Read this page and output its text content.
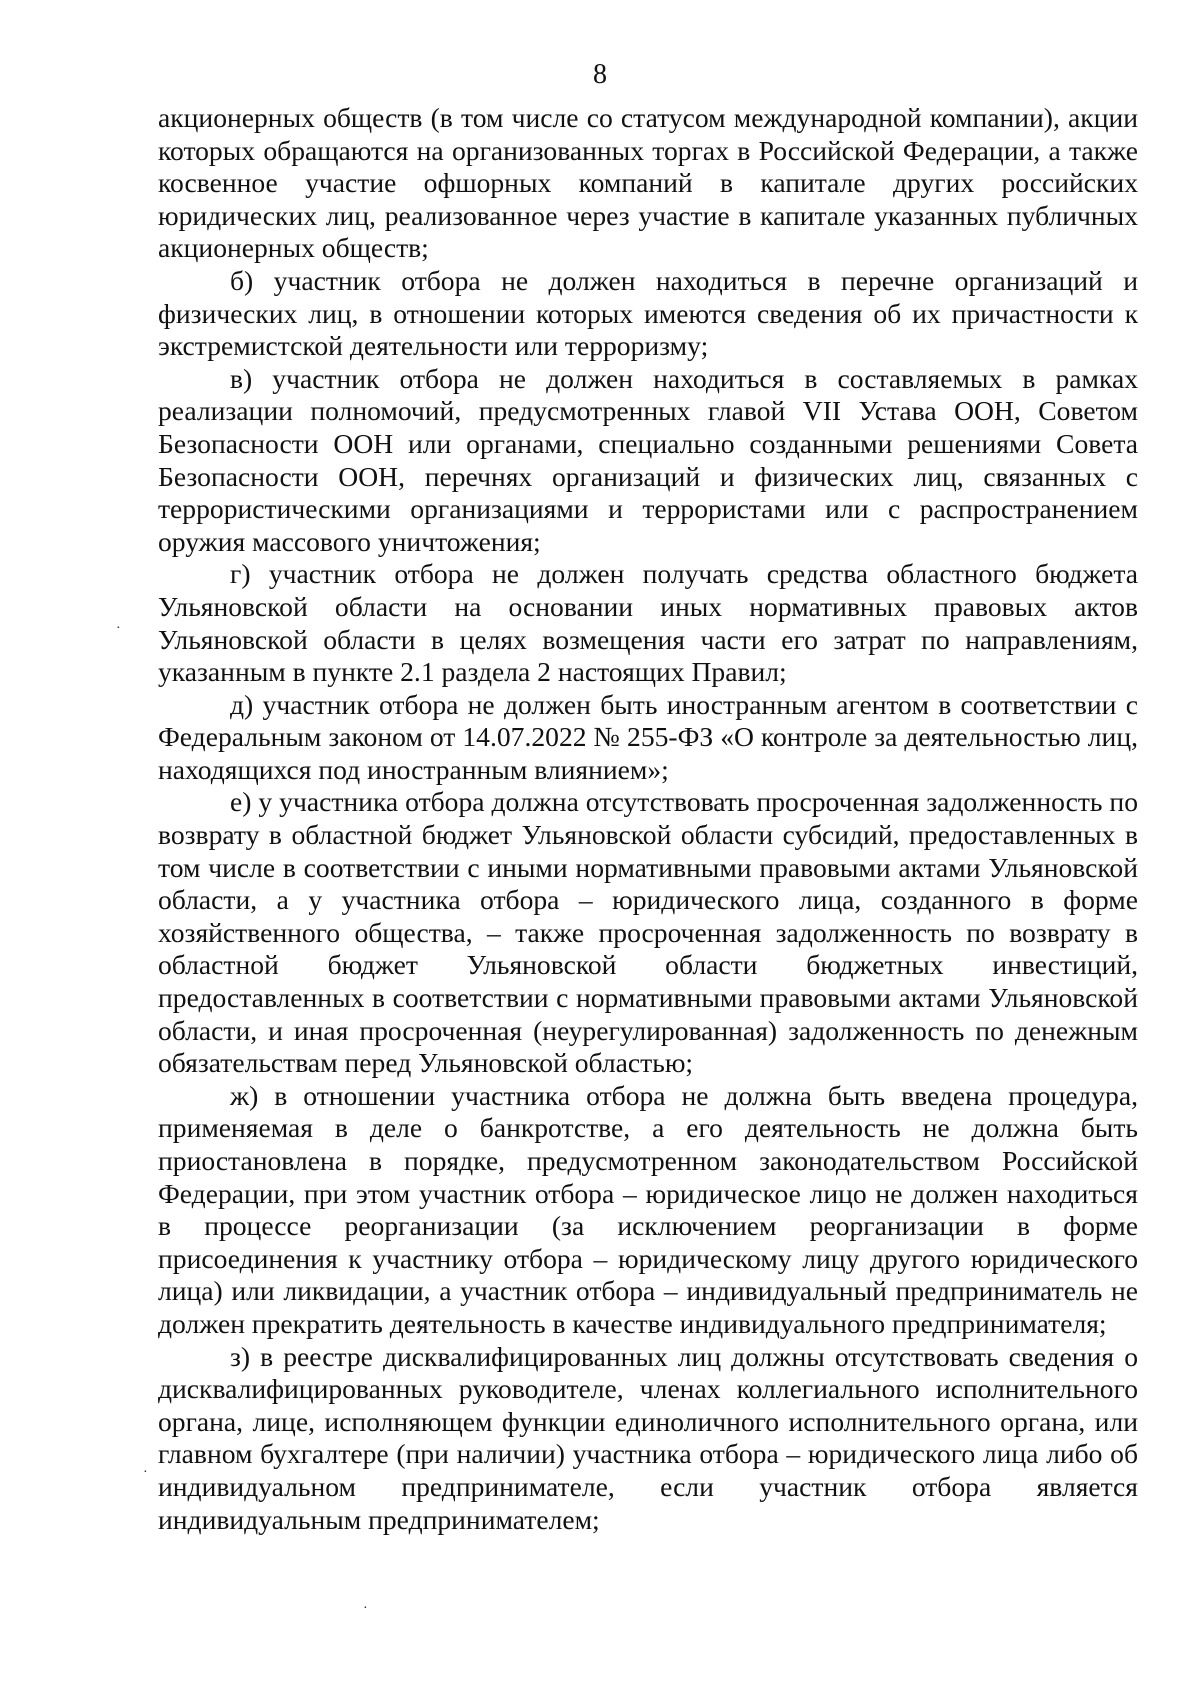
8

акционерных обществ (в том числе со статусом международной компании), акции которых обращаются на организованных торгах в Российской Федерации, а также косвенное участие офшорных компаний в капитале других российских юридических лиц, реализованное через участие в капитале указанных публичных акционерных обществ;

б) участник отбора не должен находиться в перечне организаций и физических лиц, в отношении которых имеются сведения об их причастности к экстремистской деятельности или терроризму;

в) участник отбора не должен находиться в составляемых в рамках реализации полномочий, предусмотренных главой VII Устава ООН, Советом Безопасности ООН или органами, специально созданными решениями Совета Безопасности ООН, перечнях организаций и физических лиц, связанных с террористическими организациями и террористами или с распространением оружия массового уничтожения;

г) участник отбора не должен получать средства областного бюджета Ульяновской области на основании иных нормативных правовых актов Ульяновской области в целях возмещения части его затрат по направлениям, указанным в пункте 2.1 раздела 2 настоящих Правил;

д) участник отбора не должен быть иностранным агентом в соответствии с Федеральным законом от 14.07.2022 № 255-ФЗ «О контроле за деятельностью лиц, находящихся под иностранным влиянием»;

е) у участника отбора должна отсутствовать просроченная задолженность по возврату в областной бюджет Ульяновской области субсидий, предоставленных в том числе в соответствии с иными нормативными правовыми актами Ульяновской области, а у участника отбора – юридического лица, созданного в форме хозяйственного общества, – также просроченная задолженность по возврату в областной бюджет Ульяновской области бюджетных инвестиций, предоставленных в соответствии с нормативными правовыми актами Ульяновской области, и иная просроченная (неурегулированная) задолженность по денежным обязательствам перед Ульяновской областью;

ж) в отношении участника отбора не должна быть введена процедура, применяемая в деле о банкротстве, а его деятельность не должна быть приостановлена в порядке, предусмотренном законодательством Российской Федерации, при этом участник отбора – юридическое лицо не должен находиться в процессе реорганизации (за исключением реорганизации в форме присоединения к участнику отбора – юридическому лицу другого юридического лица) или ликвидации, а участник отбора – индивидуальный предприниматель не должен прекратить деятельность в качестве индивидуального предпринимателя;

з) в реестре дисквалифицированных лиц должны отсутствовать сведения о дисквалифицированных руководителе, членах коллегиального исполнительного органа, лице, исполняющем функции единоличного исполнительного органа, или главном бухгалтере (при наличии) участника отбора – юридического лица либо об индивидуальном предпринимателе, если участник отбора является индивидуальным предпринимателем;

·
·
·
